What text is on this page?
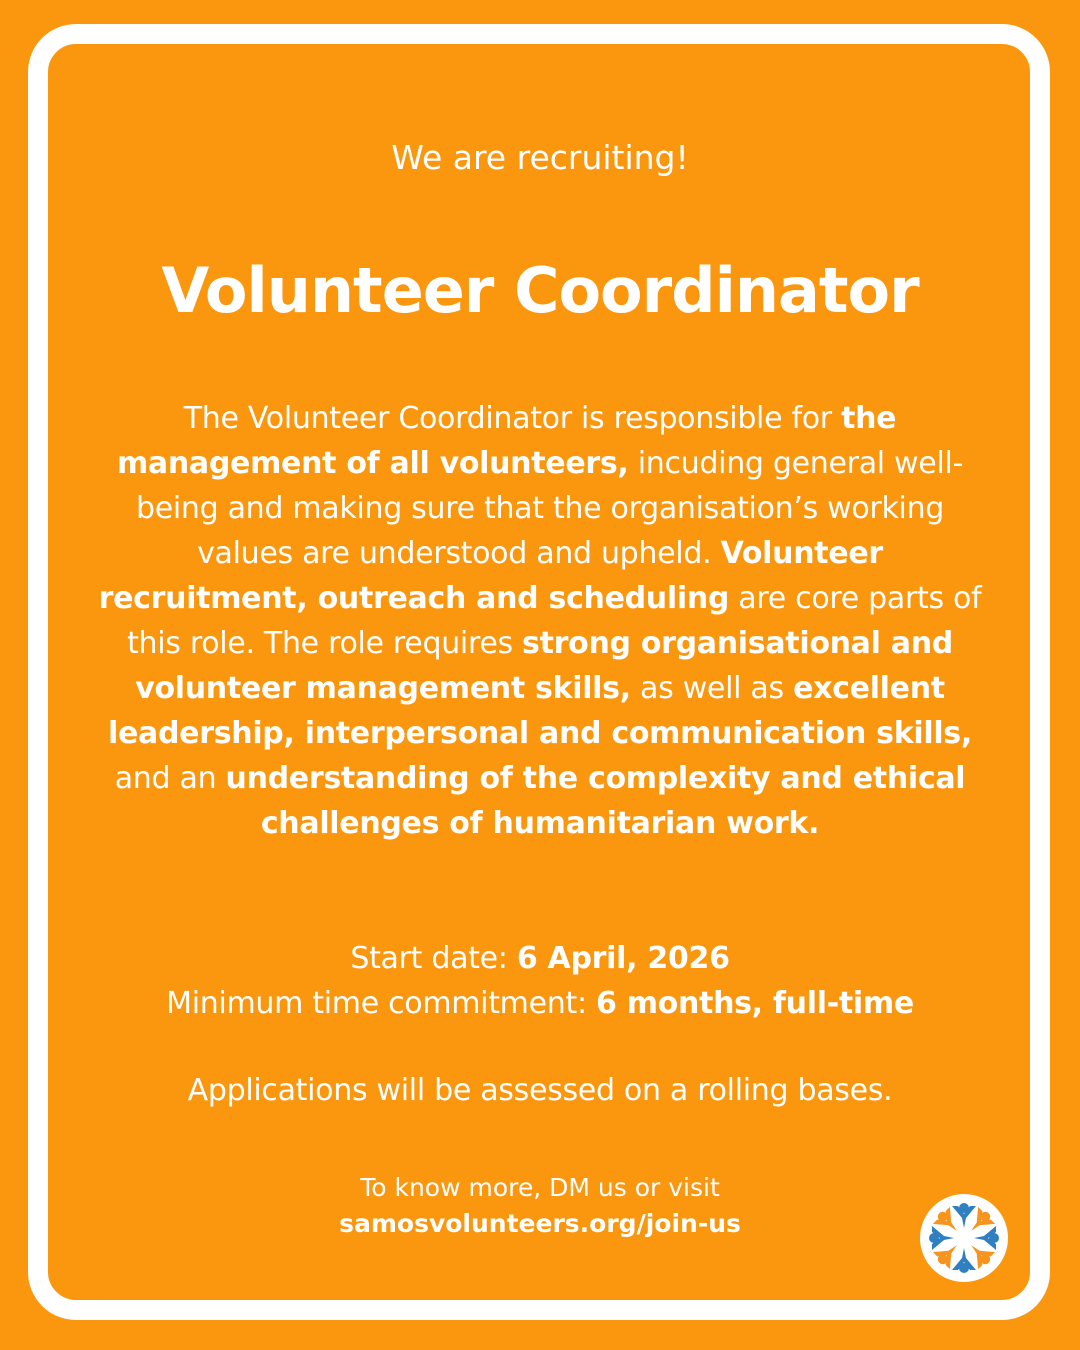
We are recruiting!
Volunteer Coordinator
The Volunteer Coordinator is responsible for the management of all volunteers, incuding general well-being and making sure that the organisation’s working values are understood and upheld. Volunteer recruitment, outreach and scheduling are core parts of this role. The role requires strong organisational and volunteer management skills, as well as excellent leadership, interpersonal and communication skills, and an understanding of the complexity and ethical challenges of humanitarian work.
Start date: 6 April, 2026
Minimum time commitment: 6 months, full-time
Applications will be assessed on a rolling bases.
To know more, DM us or visit
samosvolunteers.org/join-us
